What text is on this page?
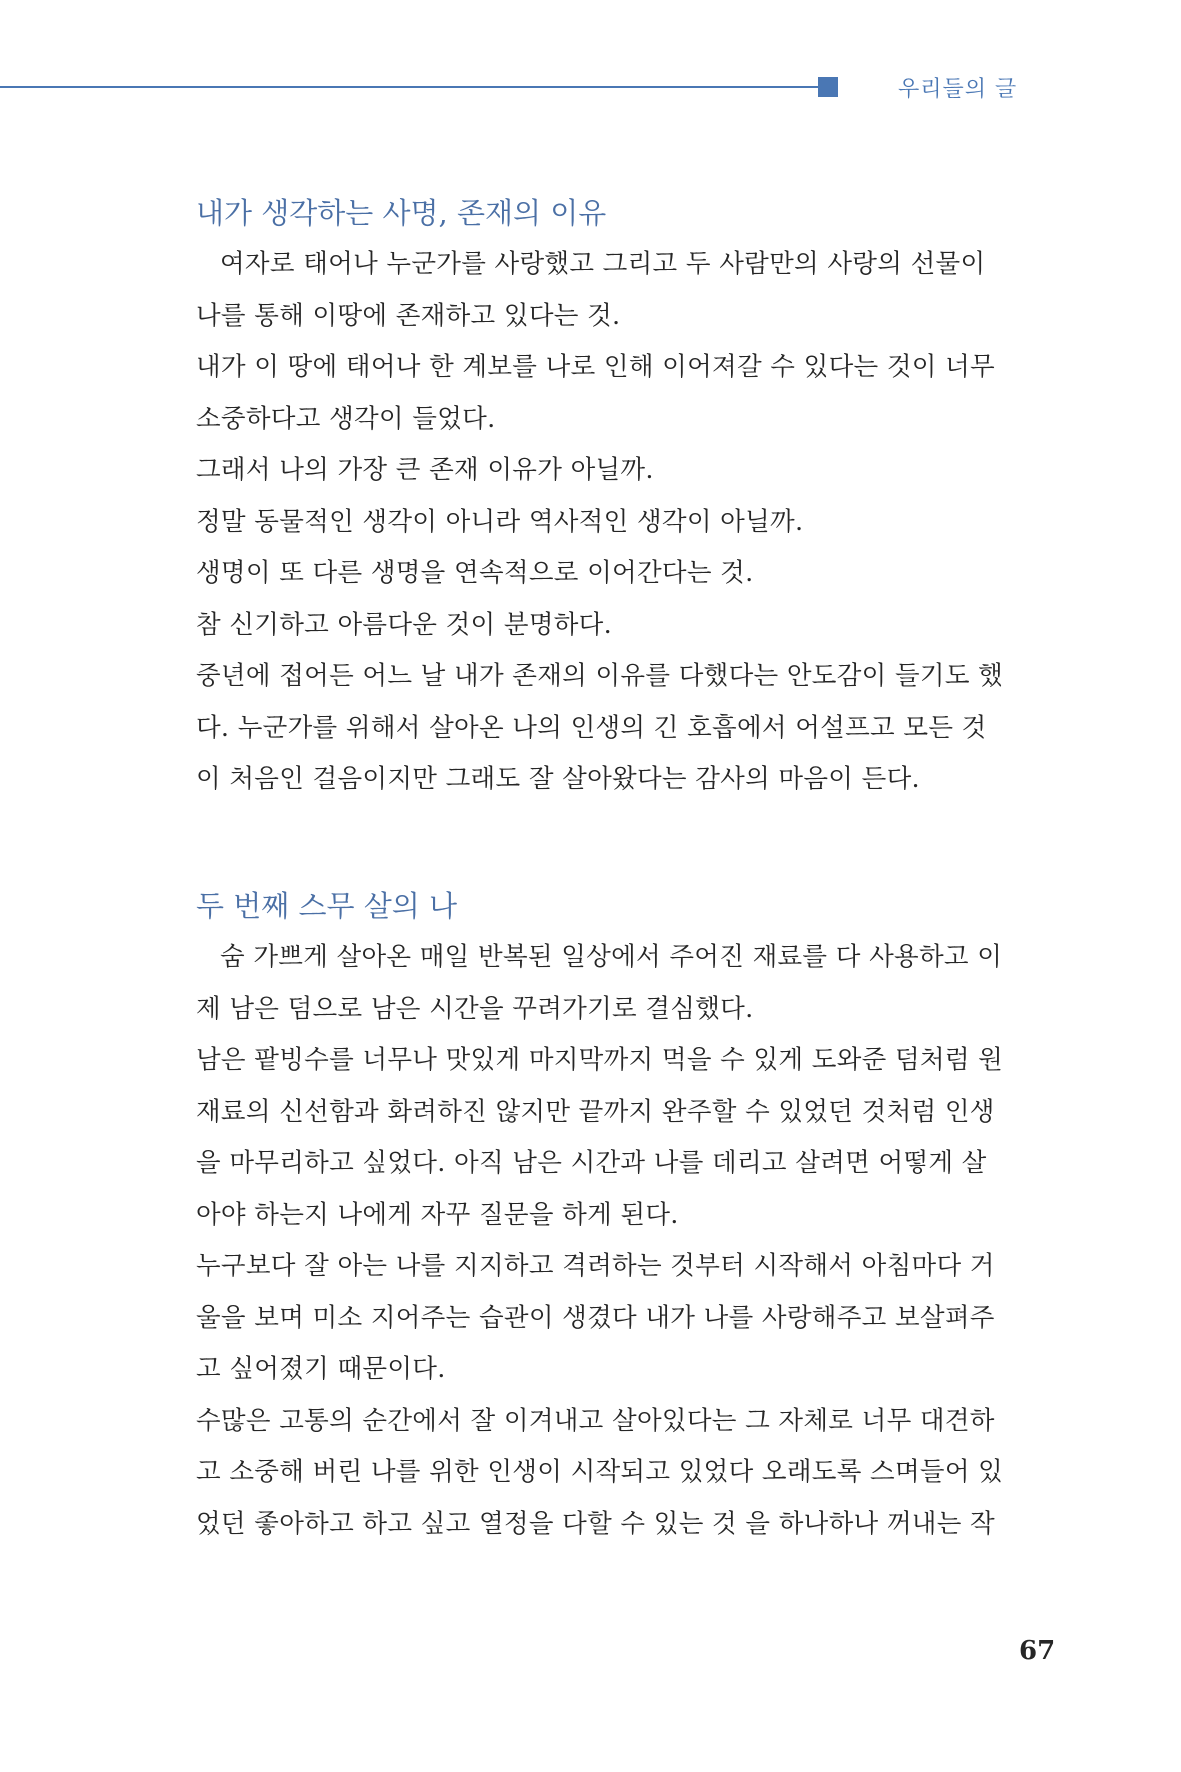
우리들의 글
내가 생각하는 사명, 존재의 이유
여자로 태어나 누군가를 사랑했고 그리고 두 사람만의 사랑의 선물이
나를 통해 이땅에 존재하고 있다는 것.
내가 이 땅에 태어나 한 계보를 나로 인해 이어져갈 수 있다는 것이 너무
소중하다고 생각이 들었다.
그래서 나의 가장 큰 존재 이유가 아닐까.
정말 동물적인 생각이 아니라 역사적인 생각이 아닐까.
생명이 또 다른 생명을 연속적으로 이어간다는 것.
참 신기하고 아름다운 것이 분명하다.
중년에 접어든 어느 날 내가 존재의 이유를 다했다는 안도감이 들기도 했
다. 누군가를 위해서 살아온 나의 인생의 긴 호흡에서 어설프고 모든 것
이 처음인 걸음이지만 그래도 잘 살아왔다는 감사의 마음이 든다.
두 번째 스무 살의 나
숨 가쁘게 살아온 매일 반복된 일상에서 주어진 재료를 다 사용하고 이
제 남은 덤으로 남은 시간을 꾸려가기로 결심했다.
남은 팥빙수를 너무나 맛있게 마지막까지 먹을 수 있게 도와준 덤처럼 원
재료의 신선함과 화려하진 않지만 끝까지 완주할 수 있었던 것처럼 인생
을 마무리하고 싶었다. 아직 남은 시간과 나를 데리고 살려면 어떻게 살
아야 하는지 나에게 자꾸 질문을 하게 된다.
누구보다 잘 아는 나를 지지하고 격려하는 것부터 시작해서 아침마다 거
울을 보며 미소 지어주는 습관이 생겼다 내가 나를 사랑해주고 보살펴주
고 싶어졌기 때문이다.
수많은 고통의 순간에서 잘 이겨내고 살아있다는 그 자체로 너무 대견하
고 소중해 버린 나를 위한 인생이 시작되고 있었다 오래도록 스며들어 있
었던 좋아하고 하고 싶고 열정을 다할 수 있는 것 을 하나하나 꺼내는 작
67
